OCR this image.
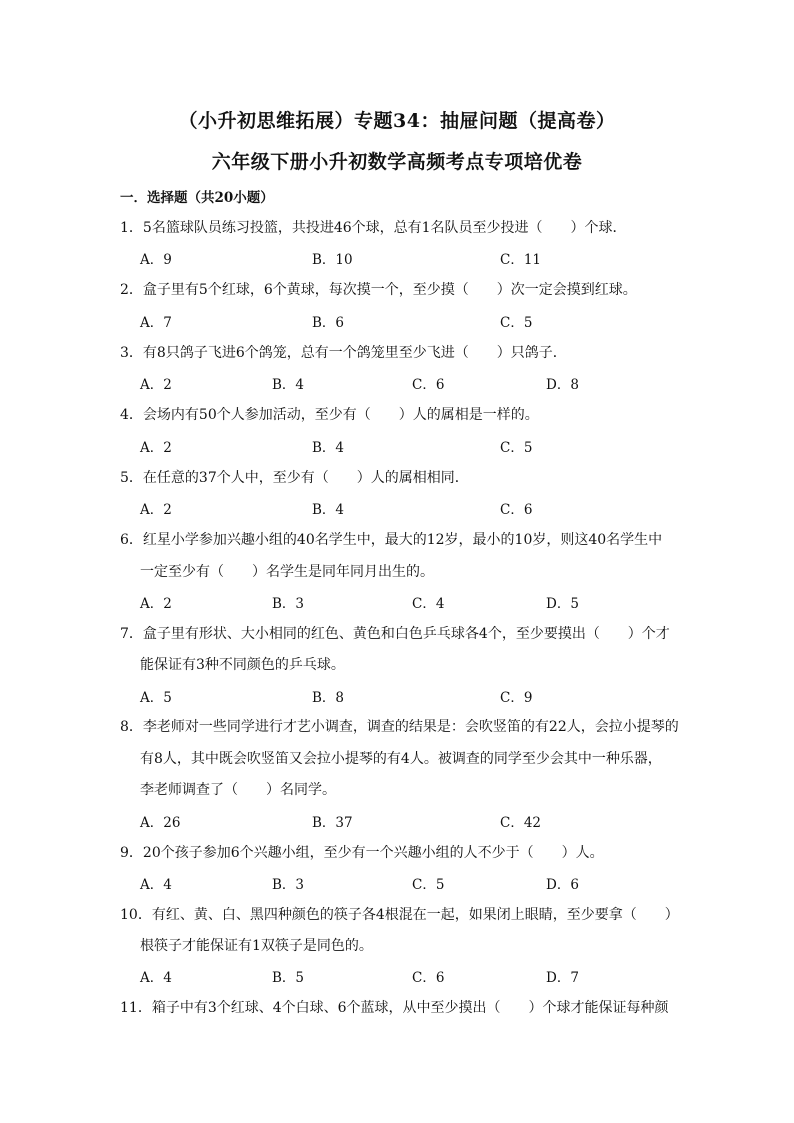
（小升初思维拓展）专题34：抽屉问题（提高卷）
六年级下册小升初数学高频考点专项培优卷
一．选择题（共20小题）
1．5名篮球队员练习投篮，共投进46个球，总有1名队员至少投进（　　）个球．
A．9	B．10	C．11
2．盒子里有5个红球，6个黄球，每次摸一个，至少摸（　　）次一定会摸到红球。
A．7	B．6	C．5
3．有8只鸽子飞进6个鸽笼，总有一个鸽笼里至少飞进（　　）只鸽子．
A．2	B．4	C．6	D．8
4．会场内有50个人参加活动，至少有（　　）人的属相是一样的。
A．2	B．4	C．5
5．在任意的37个人中，至少有（　　）人的属相相同．
A．2	B．4	C．6
6．红星小学参加兴趣小组的40名学生中，最大的12岁，最小的10岁，则这40名学生中
一定至少有（　　）名学生是同年同月出生的。
A．2	B．3	C．4	D．5
7．盒子里有形状、大小相同的红色、黄色和白色乒乓球各4个，至少要摸出（　　）个才
能保证有3种不同颜色的乒乓球。
A．5	B．8	C．9
8．李老师对一些同学进行才艺小调查，调查的结果是：会吹竖笛的有22人，会拉小提琴的
有8人，其中既会吹竖笛又会拉小提琴的有4人。被调查的同学至少会其中一种乐器，
李老师调查了（　　）名同学。
A．26	B．37	C．42
9．20个孩子参加6个兴趣小组，至少有一个兴趣小组的人不少于（　　）人。
A．4	B．3	C．5	D．6
10．有红、黄、白、黑四种颜色的筷子各4根混在一起，如果闭上眼睛，至少要拿（　　）
根筷子才能保证有1双筷子是同色的。
A．4	B．5	C．6	D．7
11．箱子中有3个红球、4个白球、6个蓝球，从中至少摸出（　　）个球才能保证每种颜
